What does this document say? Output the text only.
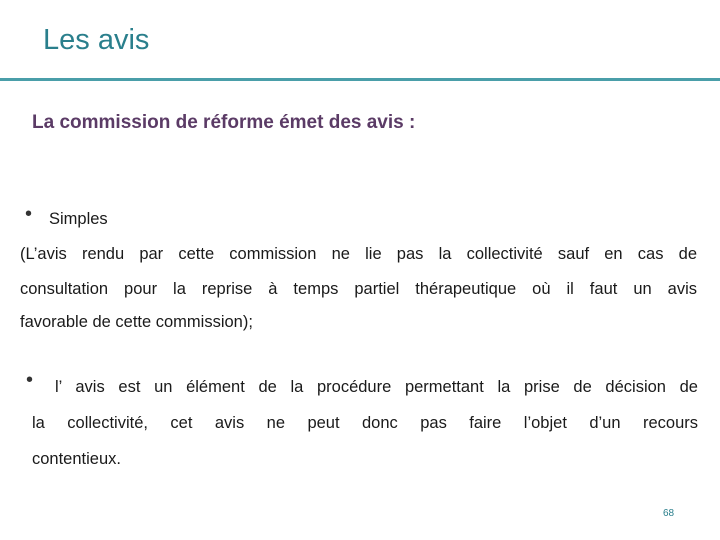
Les avis
La commission de réforme émet des avis :
• Simples
(L’avis rendu par cette commission ne lie pas la collectivité sauf en cas de
consultation pour la reprise à temps partiel thérapeutique où il faut un avis
favorable de cette commission);
• l’ avis est un élément de la procédure permettant la prise de décision de
la collectivité, cet avis ne peut donc pas faire l’objet d’un recours
contentieux.
68
